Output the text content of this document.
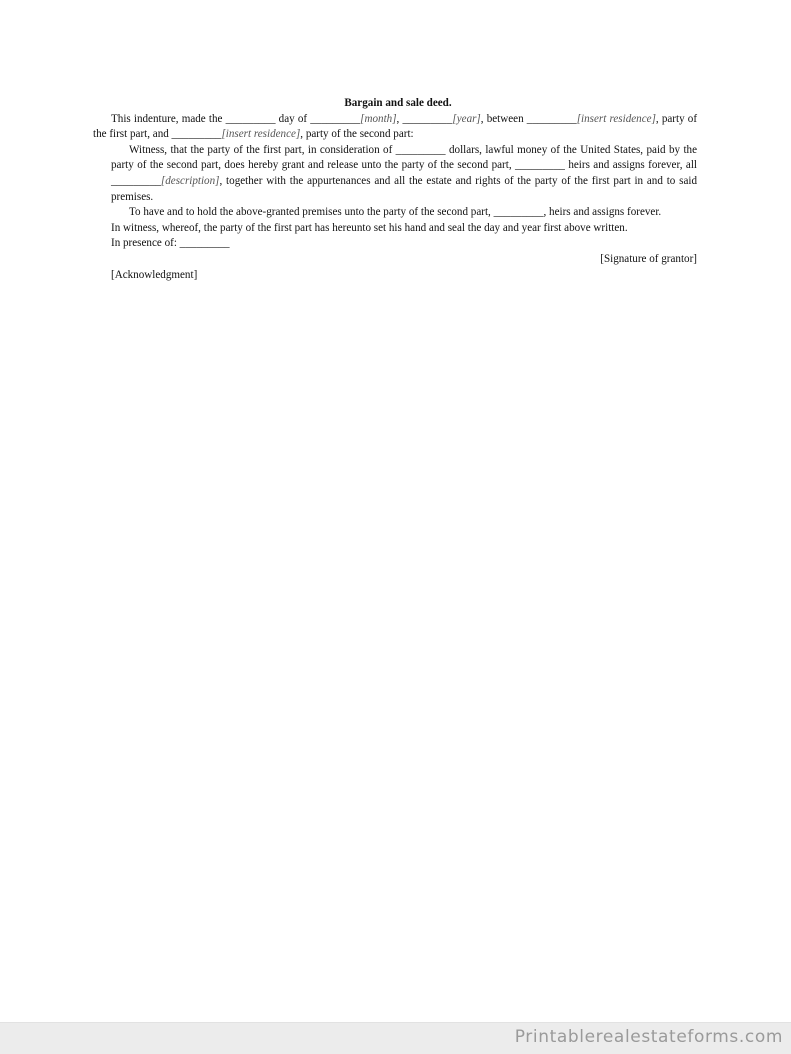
Bargain and sale deed.

This indenture, made the _________ day of _________[month], _________[year], between _________[insert residence], party of the first part, and _________[insert residence], party of the second part:

Witness, that the party of the first part, in consideration of _________ dollars, lawful money of the United States, paid by the party of the second part, does hereby grant and release unto the party of the second part, _________ heirs and assigns forever, all _________[description], together with the appurtenances and all the estate and rights of the party of the first part in and to said premises.

To have and to hold the above-granted premises unto the party of the second part, _________, heirs and assigns forever.

In witness, whereof, the party of the first part has hereunto set his hand and seal the day and year first above written.

In presence of: _________

[Signature of grantor]

[Acknowledgment]

Printablerealestateforms.com
